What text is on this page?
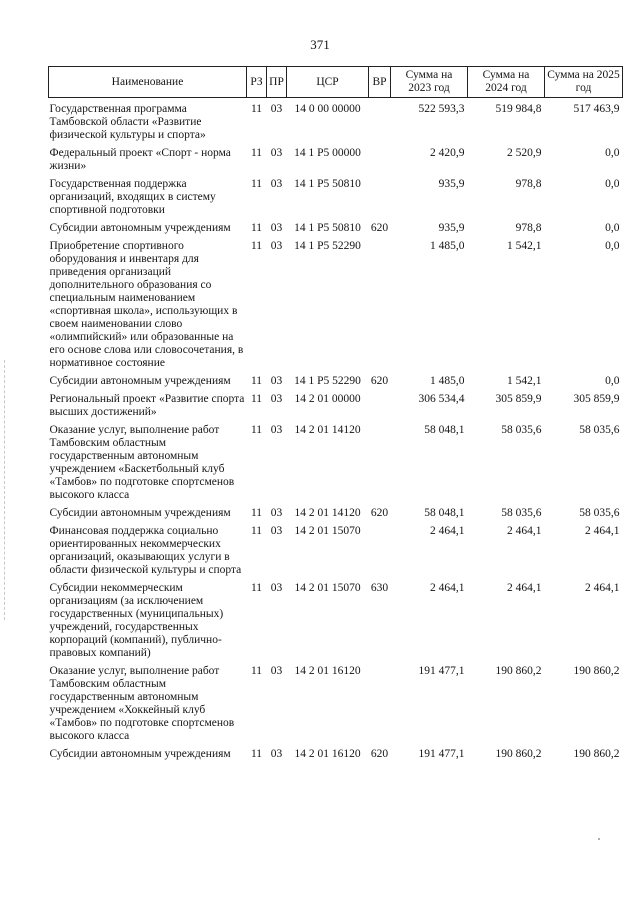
371
Наименование	РЗ	ПР	ЦСР	ВР	Сумма на 2023 год	Сумма на 2024 год	Сумма на 2025 год
Государственная программа Тамбовской области «Развитие физической культуры и спорта»	11	03	14 0 00 00000		522 593,3	519 984,8	517 463,9
Федеральный проект «Спорт - норма жизни»	11	03	14 1 P5 00000		2 420,9	2 520,9	0,0
Государственная поддержка организаций, входящих в систему спортивной подготовки	11	03	14 1 P5 50810		935,9	978,8	0,0
Субсидии автономным учреждениям	11	03	14 1 P5 50810	620	935,9	978,8	0,0
Приобретение спортивного оборудования и инвентаря для приведения организаций дополнительного образования со специальным наименованием «спортивная школа», использующих в своем наименовании слово «олимпийский» или образованные на его основе слова или словосочетания, в нормативное состояние	11	03	14 1 P5 52290		1 485,0	1 542,1	0,0
Субсидии автономным учреждениям	11	03	14 1 P5 52290	620	1 485,0	1 542,1	0,0
Региональный проект «Развитие спорта высших достижений»	11	03	14 2 01 00000		306 534,4	305 859,9	305 859,9
Оказание услуг, выполнение работ Тамбовским областным государственным автономным учреждением «Баскетбольный клуб «Тамбов» по подготовке спортсменов высокого класса	11	03	14 2 01 14120		58 048,1	58 035,6	58 035,6
Субсидии автономным учреждениям	11	03	14 2 01 14120	620	58 048,1	58 035,6	58 035,6
Финансовая поддержка социально ориентированных некоммерческих организаций, оказывающих услуги в области физической культуры и спорта	11	03	14 2 01 15070		2 464,1	2 464,1	2 464,1
Субсидии некоммерческим организациям (за исключением государственных (муниципальных) учреждений, государственных корпораций (компаний), публично-правовых компаний)	11	03	14 2 01 15070	630	2 464,1	2 464,1	2 464,1
Оказание услуг, выполнение работ Тамбовским областным государственным автономным учреждением «Хоккейный клуб «Тамбов» по подготовке спортсменов высокого класса	11	03	14 2 01 16120		191 477,1	190 860,2	190 860,2
Субсидии автономным учреждениям	11	03	14 2 01 16120	620	191 477,1	190 860,2	190 860,2
